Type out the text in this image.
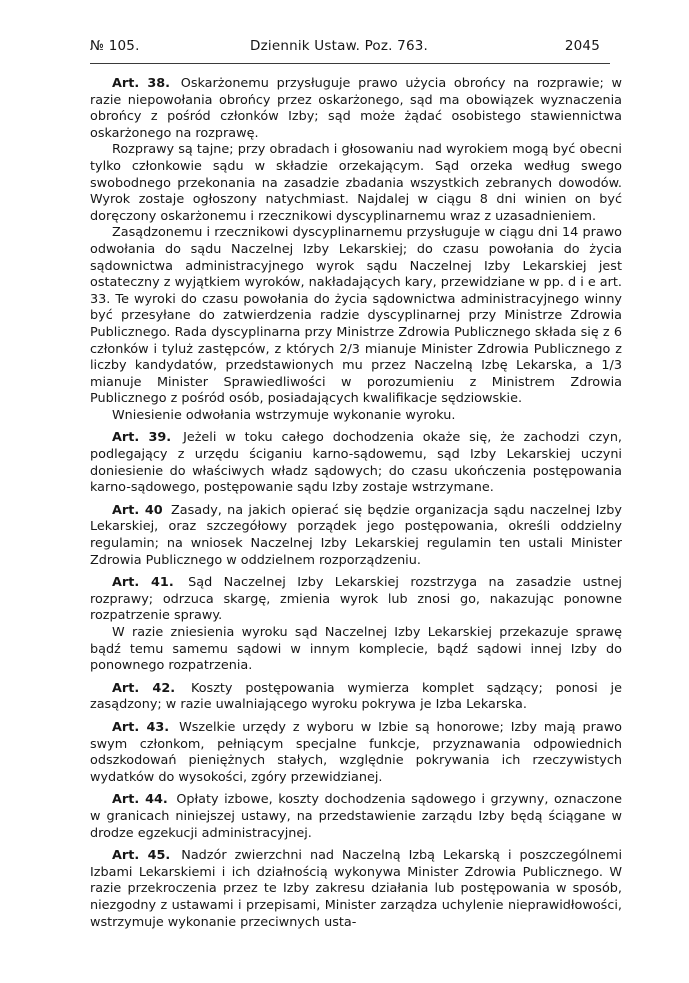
№ 105.	Dziennik Ustaw. Poz. 763.	2045

Art. 38. Oskarżonemu przysługuje prawo użycia obrońcy na rozprawie; w razie niepowołania obrońcy przez oskarżonego, sąd ma obowiązek wyznaczenia obrońcy z pośród członków Izby; sąd może żądać osobistego stawiennictwa oskarżonego na rozprawę.

Rozprawy są tajne; przy obradach i głosowaniu nad wyrokiem mogą być obecni tylko członkowie sądu w składzie orzekającym. Sąd orzeka według swego swobodnego przekonania na zasadzie zbadania wszystkich zebranych dowodów. Wyrok zostaje ogłoszony natychmiast. Najdalej w ciągu 8 dni winien on być doręczony oskarżonemu i rzecznikowi dyscyplinarnemu wraz z uzasadnieniem.

Zasądzonemu i rzecznikowi dyscyplinarnemu przysługuje w ciągu dni 14 prawo odwołania do sądu Naczelnej Izby Lekarskiej; do czasu powołania do życia sądownictwa administracyjnego wyrok sądu Naczelnej Izby Lekarskiej jest ostateczny z wyjątkiem wyroków, nakładających kary, przewidziane w pp. d i e art. 33. Te wyroki do czasu powołania do życia sądownictwa administracyjnego winny być przesyłane do zatwierdzenia radzie dyscyplinarnej przy Ministrze Zdrowia Publicznego. Rada dyscyplinarna przy Ministrze Zdrowia Publicznego składa się z 6 członków i tyluż zastępców, z których 2/3 mianuje Minister Zdrowia Publicznego z liczby kandydatów, przedstawionych mu przez Naczelną Izbę Lekarska, a 1/3 mianuje Minister Sprawiedliwości w porozumieniu z Ministrem Zdrowia Publicznego z pośród osób, posiadających kwalifikacje sędziowskie.

Wniesienie odwołania wstrzymuje wykonanie wyroku.

Art. 39. Jeżeli w toku całego dochodzenia okaże się, że zachodzi czyn, podlegający z urzędu ściganiu karno-sądowemu, sąd Izby Lekarskiej uczyni doniesienie do właściwych władz sądowych; do czasu ukończenia postępowania karno-sądowego, postępowanie sądu Izby zostaje wstrzymane.

Art. 40 Zasady, na jakich opierać się będzie organizacja sądu naczelnej Izby Lekarskiej, oraz szczegółowy porządek jego postępowania, określi oddzielny regulamin; na wniosek Naczelnej Izby Lekarskiej regulamin ten ustali Minister Zdrowia Publicznego w oddzielnem rozporządzeniu.

Art. 41. Sąd Naczelnej Izby Lekarskiej rozstrzyga na zasadzie ustnej rozprawy; odrzuca skargę, zmienia wyrok lub znosi go, nakazując ponowne rozpatrzenie sprawy.

W razie zniesienia wyroku sąd Naczelnej Izby Lekarskiej przekazuje sprawę bądź temu samemu sądowi w innym komplecie, bądź sądowi innej Izby do ponownego rozpatrzenia.

Art. 42. Koszty postępowania wymierza komplet sądzący; ponosi je zasądzony; w razie uwalniającego wyroku pokrywa je Izba Lekarska.

Art. 43. Wszelkie urzędy z wyboru w Izbie są honorowe; Izby mają prawo swym członkom, pełniącym specjalne funkcje, przyznawania odpowiednich odszkodowań pieniężnych stałych, względnie pokrywania ich rzeczywistych wydatków do wysokości, zgóry przewidzianej.

Art. 44. Opłaty izbowe, koszty dochodzenia sądowego i grzywny, oznaczone w granicach niniejszej ustawy, na przedstawienie zarządu Izby będą ściągane w drodze egzekucji administracyjnej.

Art. 45. Nadzór zwierzchni nad Naczelną Izbą Lekarską i poszczególnemi Izbami Lekarskiemi i ich działnością wykonywa Minister Zdrowia Publicznego. W razie przekroczenia przez te Izby zakresu działania lub postępowania w sposób, niezgodny z ustawami i przepisami, Minister zarządza uchylenie nieprawidłowości, wstrzymuje wykonanie przeciwnych usta-
